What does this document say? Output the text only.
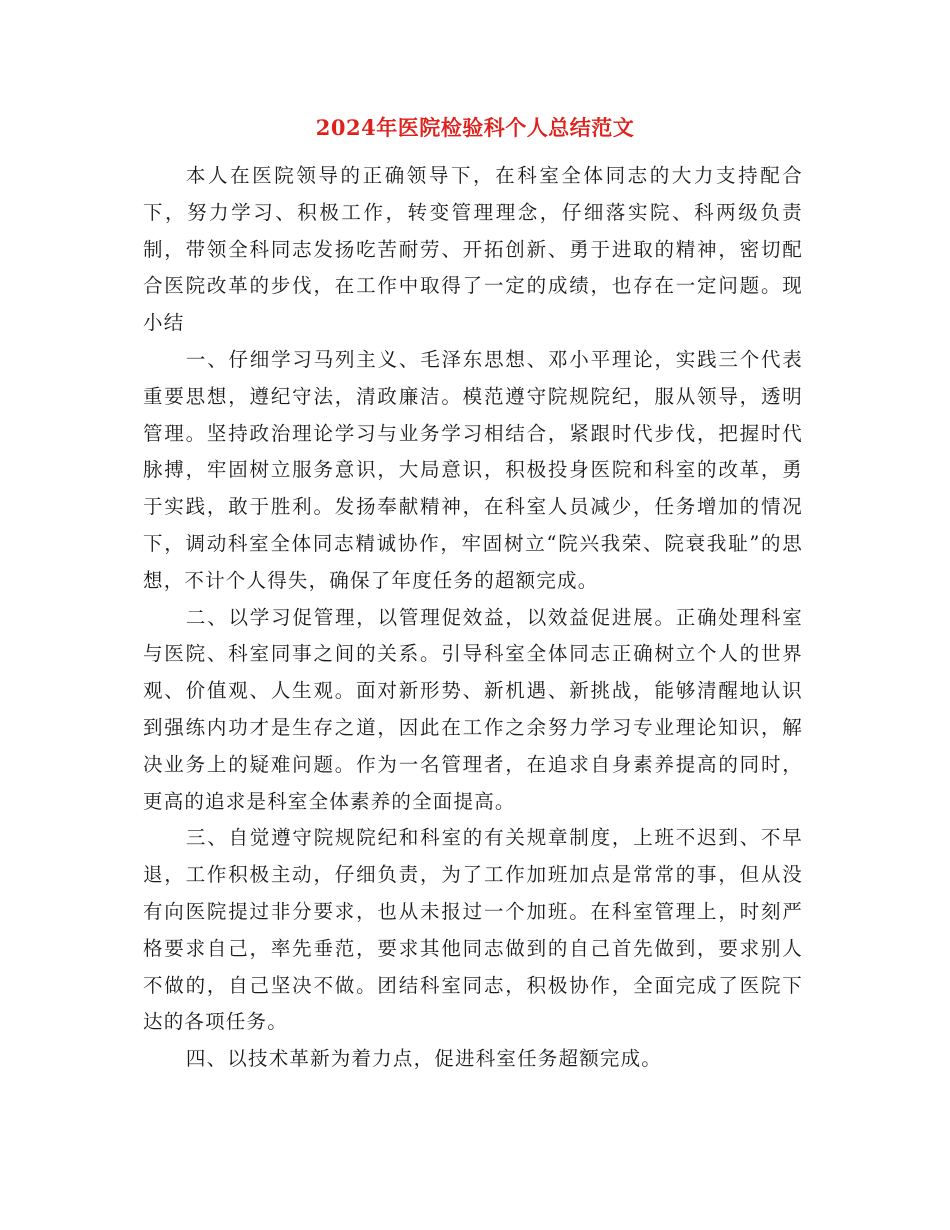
2024年医院检验科个人总结范文

本人在医院领导的正确领导下，在科室全体同志的大力支持配合下，努力学习、积极工作，转变管理理念，仔细落实院、科两级负责制，带领全科同志发扬吃苦耐劳、开拓创新、勇于进取的精神，密切配合医院改革的步伐，在工作中取得了一定的成绩，也存在一定问题。现小结

一、仔细学习马列主义、毛泽东思想、邓小平理论，实践三个代表重要思想，遵纪守法，清政廉洁。模范遵守院规院纪，服从领导，透明管理。坚持政治理论学习与业务学习相结合，紧跟时代步伐，把握时代脉搏，牢固树立服务意识，大局意识，积极投身医院和科室的改革，勇于实践，敢于胜利。发扬奉献精神，在科室人员减少，任务增加的情况下，调动科室全体同志精诚协作，牢固树立“院兴我荣、院衰我耻”的思想，不计个人得失，确保了年度任务的超额完成。

二、以学习促管理，以管理促效益，以效益促进展。正确处理科室与医院、科室同事之间的关系。引导科室全体同志正确树立个人的世界观、价值观、人生观。面对新形势、新机遇、新挑战，能够清醒地认识到强练内功才是生存之道，因此在工作之余努力学习专业理论知识，解决业务上的疑难问题。作为一名管理者，在追求自身素养提高的同时，更高的追求是科室全体素养的全面提高。

三、自觉遵守院规院纪和科室的有关规章制度，上班不迟到、不早退，工作积极主动，仔细负责，为了工作加班加点是常常的事，但从没有向医院提过非分要求，也从未报过一个加班。在科室管理上，时刻严格要求自己，率先垂范，要求其他同志做到的自己首先做到，要求别人不做的，自己坚决不做。团结科室同志，积极协作，全面完成了医院下达的各项任务。

四、以技术革新为着力点，促进科室任务超额完成。
